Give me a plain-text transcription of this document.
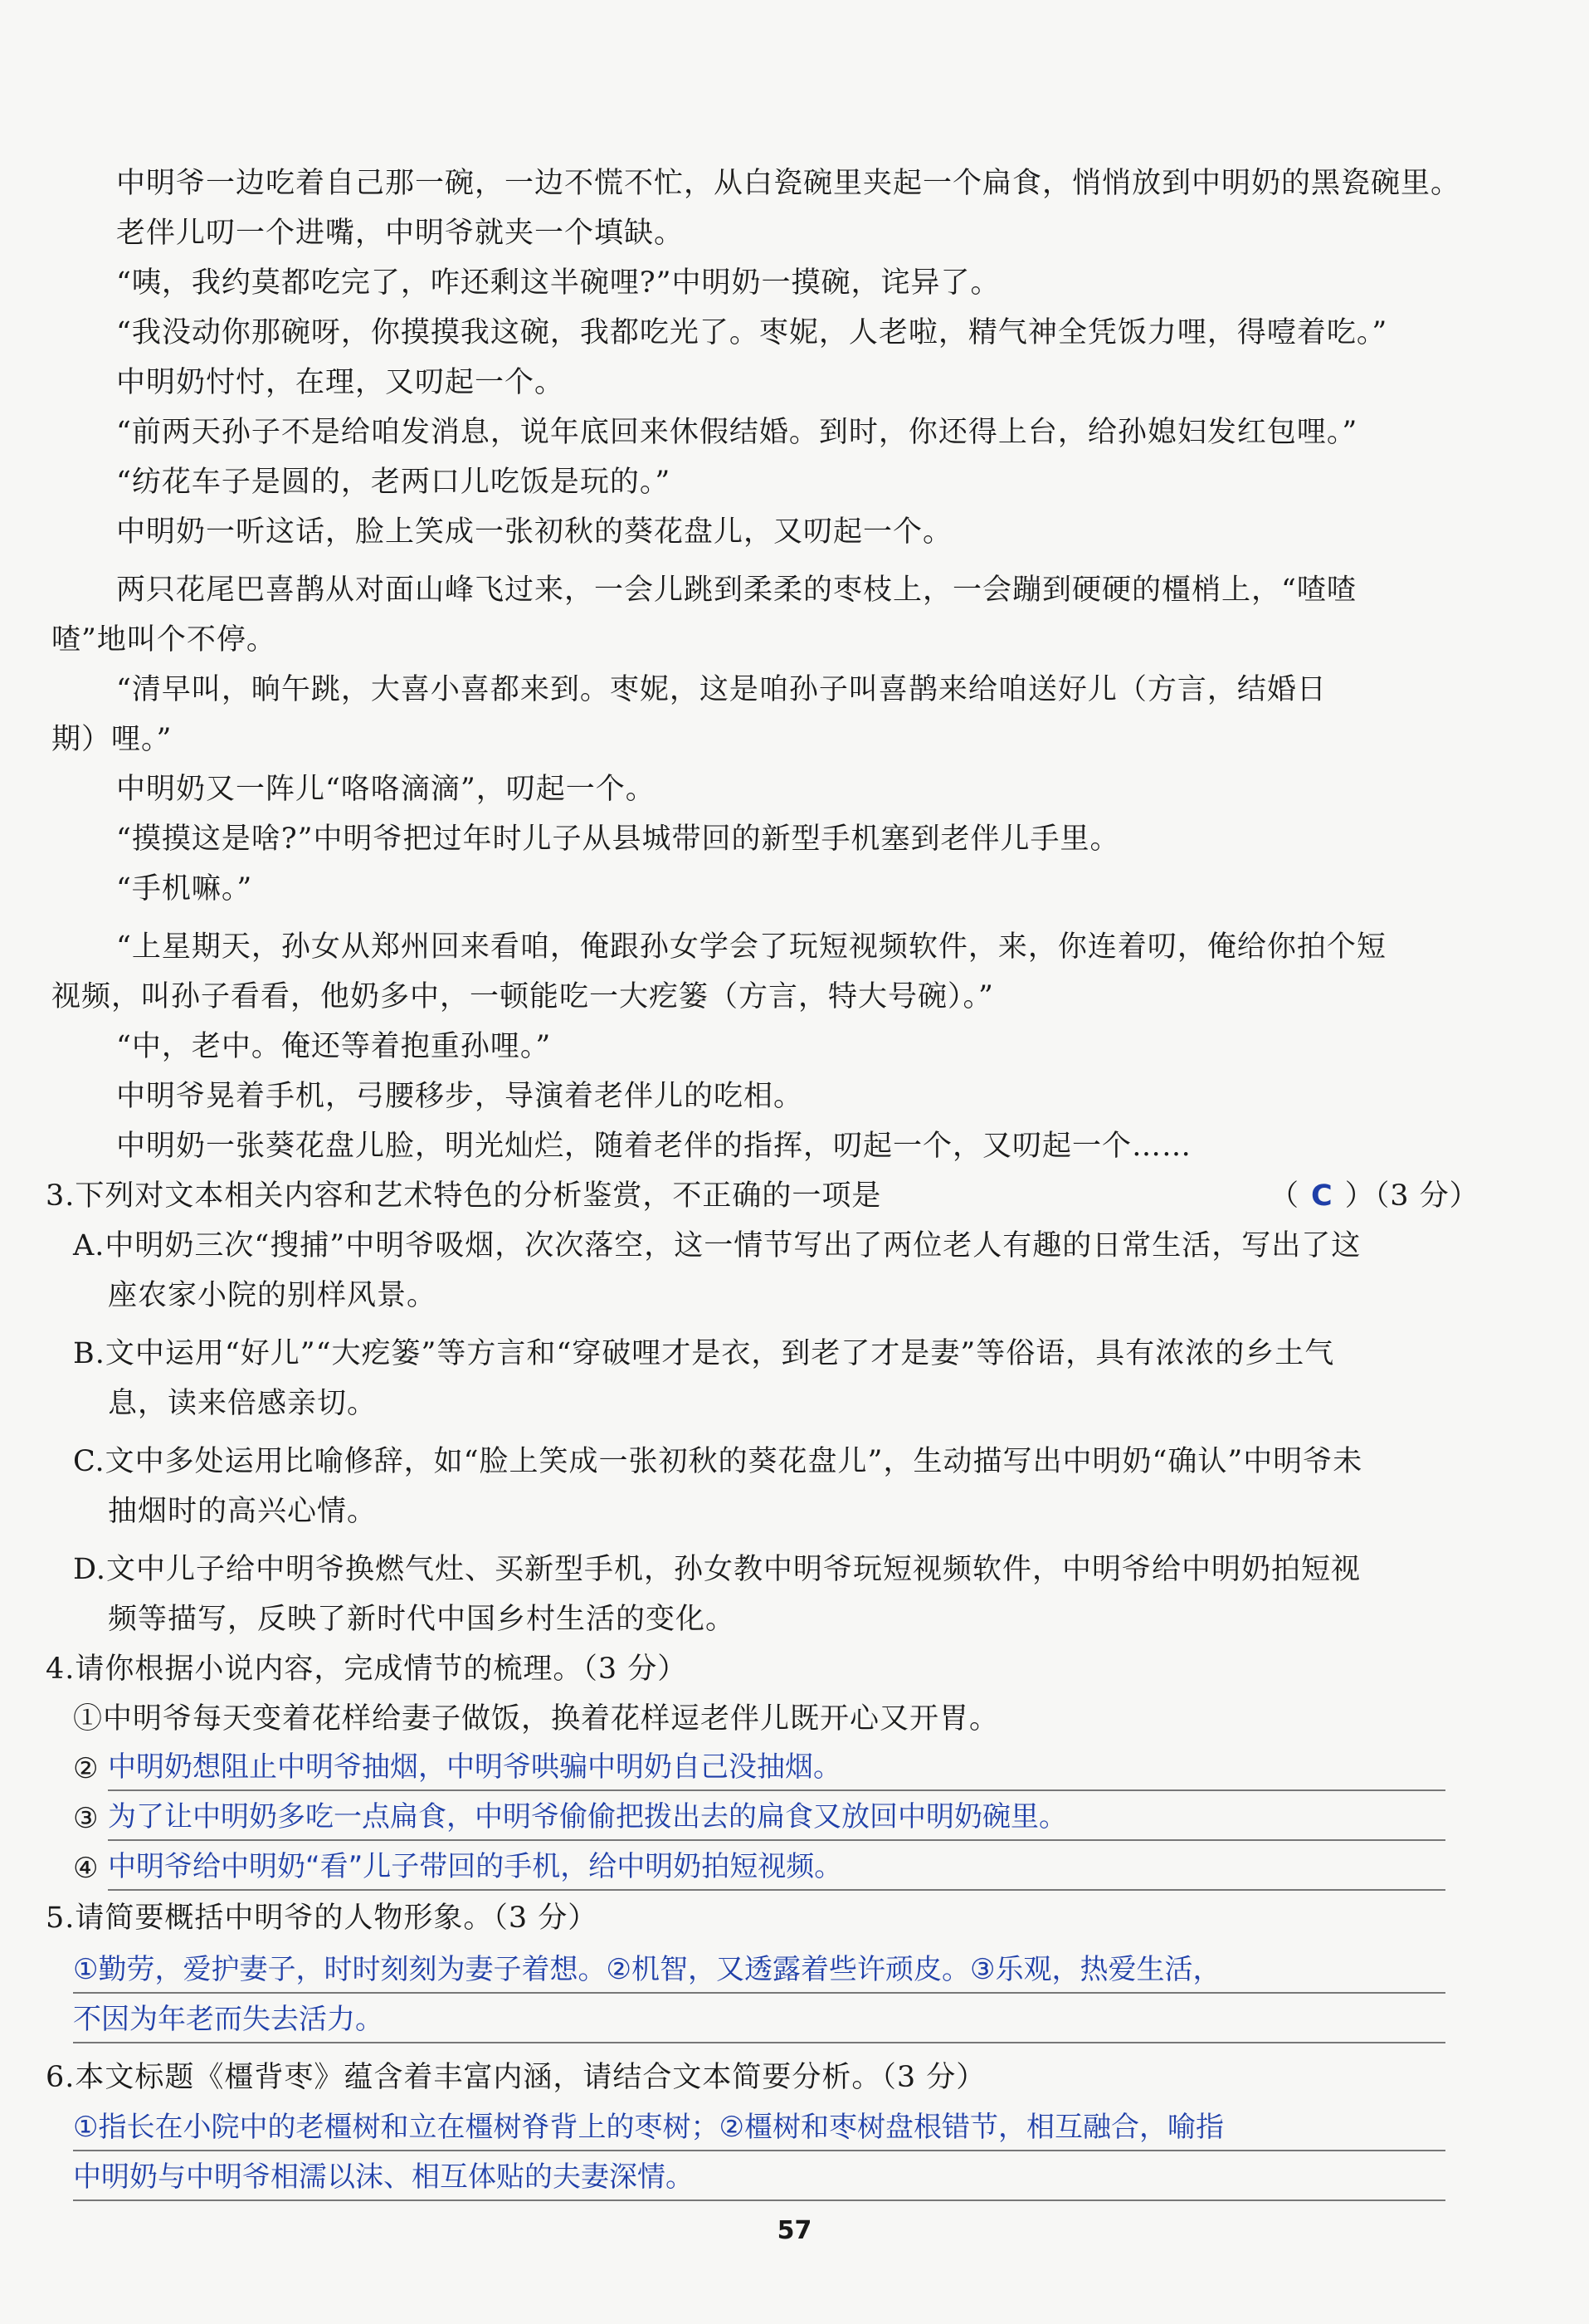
中明爷一边吃着自己那一碗，一边不慌不忙，从白瓷碗里夹起一个扁食，悄悄放到中明奶的黑瓷碗里。
老伴儿叨一个进嘴，中明爷就夹一个填缺。
“咦，我约莫都吃完了，咋还剩这半碗哩?”中明奶一摸碗，诧异了。
“我没动你那碗呀，你摸摸我这碗，我都吃光了。枣妮，人老啦，精气神全凭饭力哩，得噎着吃。”
中明奶忖忖，在理，又叨起一个。
“前两天孙子不是给咱发消息，说年底回来休假结婚。到时，你还得上台，给孙媳妇发红包哩。”
“纺花车子是圆的，老两口儿吃饭是玩的。”
中明奶一听这话，脸上笑成一张初秋的葵花盘儿，又叨起一个。
两只花尾巴喜鹊从对面山峰飞过来，一会儿跳到柔柔的枣枝上，一会蹦到硬硬的橿梢上，“喳喳
喳”地叫个不停。
“清早叫，晌午跳，大喜小喜都来到。枣妮，这是咱孙子叫喜鹊来给咱送好儿（方言，结婚日
期）哩。”
中明奶又一阵儿“咯咯滴滴”，叨起一个。
“摸摸这是啥?”中明爷把过年时儿子从县城带回的新型手机塞到老伴儿手里。
“手机嘛。”
“上星期天，孙女从郑州回来看咱，俺跟孙女学会了玩短视频软件，来，你连着叨，俺给你拍个短
视频，叫孙子看看，他奶多中，一顿能吃一大疙篓（方言，特大号碗）。”
“中，老中。俺还等着抱重孙哩。”
中明爷晃着手机，弓腰移步，导演着老伴儿的吃相。
中明奶一张葵花盘儿脸，明光灿烂，随着老伴的指挥，叨起一个，又叨起一个……
3.下列对文本相关内容和艺术特色的分析鉴赏，不正确的一项是	（ C ）（3 分）
A.中明奶三次“搜捕”中明爷吸烟，次次落空，这一情节写出了两位老人有趣的日常生活，写出了这
座农家小院的别样风景。
B.文中运用“好儿”“大疙篓”等方言和“穿破哩才是衣，到老了才是妻”等俗语，具有浓浓的乡土气
息，读来倍感亲切。
C.文中多处运用比喻修辞，如“脸上笑成一张初秋的葵花盘儿”，生动描写出中明奶“确认”中明爷未
抽烟时的高兴心情。
D.文中儿子给中明爷换燃气灶、买新型手机，孙女教中明爷玩短视频软件，中明爷给中明奶拍短视
频等描写，反映了新时代中国乡村生活的变化。
4.请你根据小说内容，完成情节的梳理。（3 分）
①中明爷每天变着花样给妻子做饭，换着花样逗老伴儿既开心又开胃。
② 中明奶想阻止中明爷抽烟，中明爷哄骗中明奶自己没抽烟。
③ 为了让中明奶多吃一点扁食，中明爷偷偷把拨出去的扁食又放回中明奶碗里。
④ 中明爷给中明奶“看”儿子带回的手机，给中明奶拍短视频。
5.请简要概括中明爷的人物形象。（3 分）
①勤劳，爱护妻子，时时刻刻为妻子着想。②机智，又透露着些许顽皮。③乐观，热爱生活，
不因为年老而失去活力。
6.本文标题《橿背枣》蕴含着丰富内涵，请结合文本简要分析。（3 分）
①指长在小院中的老橿树和立在橿树脊背上的枣树；②橿树和枣树盘根错节，相互融合，喻指
中明奶与中明爷相濡以沫、相互体贴的夫妻深情。
57
